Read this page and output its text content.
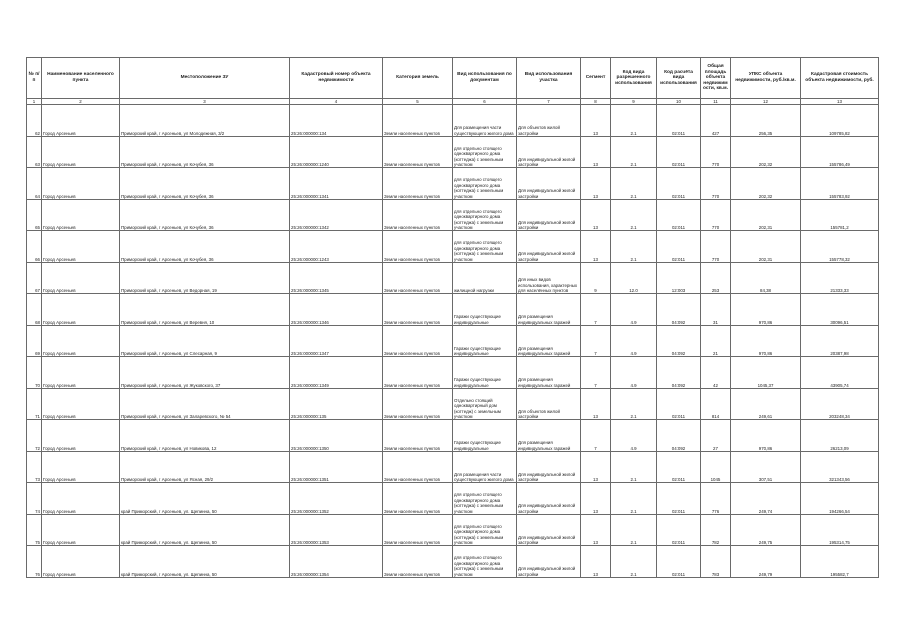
№ п/п	Наименование населенного пункта	Местоположение ЗУ	Кадастровый номер объекта недвижимости	Категория земель	Вид использования по документам	Вид использования участка	Сегмент	Код вида разрешенного использования	Код расчёта вида использования	Общая площадь объекта недвижим ости, кв.м.	УПКС объекта недвижимости, руб./кв.м.	Кадастровая стоимость объекта недвижимости, руб.
1	2	3	4	5	6	7	8	9	10	11	12	13
62	Город Арсеньев	Приморский край, г Арсеньев, ул Молодежная, 3/2	25:26:000000:134	Земли населенных пунктов	Для размещения части существующего жилого дома	Для объектов жилой застройки	13	2.1	02:011	427	256,35	109785,82
63	Город Арсеньев	Приморский край, г Арсеньев, ул Кочубея, 36	25:26:000000:1240	Земли населенных пунктов	для отдельно стоящего одноквартирного дома (коттеджа) с земельным участком	Для индивидуальной жилой застройки	13	2.1	02:011	770	202,32	155786,49
64	Город Арсеньев	Приморский край, г Арсеньев, ул Кочубея, 36	25:26:000000:1341	Земли населенных пунктов	для отдельно стоящего одноквартирного дома (коттеджа) с земельным участком	Для индивидуальной жилой застройки	13	2.1	02:011	770	202,32	155783,92
65	Город Арсеньев	Приморский край, г Арсеньев, ул Кочубея, 36	25:26:000000:1342	Земли населенных пунктов	для отдельно стоящего одноквартирного дома (коттеджа) с земельным участком	Для индивидуальной жилой застройки	13	2.1	02:011	770	202,31	155781,2
66	Город Арсеньев	Приморский край, г Арсеньев, ул Кочубея, 36	25:26:000000:1243	Земли населенных пунктов	для отдельно стоящего одноквартирного дома (коттеджа) с земельным участком	Для индивидуальной жилой застройки	13	2.1	02:011	770	202,31	155778,32
67	Город Арсеньев	Приморский край, г Арсеньев, ул Ведорная, 19	25:26:000000:1345	Земли населенных пунктов	жилищной нагрузки	Для иных видов использования, характерных для населённых пунктов	9	12.0	12:003	253	84,38	21333,33
68	Город Арсеньев	Приморский край, г Арсеньев, ул Веревня, 10	25:26:000000:1346	Земли населенных пунктов	Гаражи существующие индивидуальные	Для размещения индивидуальных гаражей	7	4.9	04:092	31	970,86	30096,51
69	Город Арсеньев	Приморский край, г Арсеньев, ул Слесарная, 9	25:26:000000:1347	Земли населенных пунктов	Гаражи существующие индивидуальные	Для размещения индивидуальных гаражей	7	4.9	04:092	21	970,86	20387,98
70	Город Арсеньев	Приморский край, г Арсеньев, ул Жуковского, 37	25:26:000000:1349	Земли населенных пунктов	Гаражи существующие индивидуальные	Для размещения индивидуальных гаражей	7	4.9	04:092	42	1045,37	43905,74
71	Город Арсеньев	Приморский край, г Арсеньев, ул Заларевского, № 54	25:26:000000:135	Земли населенных пунктов	Отдельно стоящий одноквартирный дом (коттедж) с земельным участком	Для объектов жилой застройки	13	2.1	02:011	814	249,61	203248,34
72	Город Арсеньев	Приморский край, г Арсеньев, ул Новикова, 12	25:26:000000:1350	Земли населенных пунктов	Гаражи существующие индивидуальные	Для размещения индивидуальных гаражей	7	4.9	04:092	27	970,86	26213,09
73	Город Арсеньев	Приморский край, г Арсеньев, ул Ясная, 29/2	25:26:000000:1351	Земли населенных пунктов	Для размещения части существующего жилого дома	Для индивидуальной жилой застройки	13	2.1	02:011	1045	307,51	321343,56
74	Город Арсеньев	край Приморский, г Арсеньев, ул. Щепинна, 50	25:26:000000:1352	Земли населенных пунктов	для отдельно стоящего одноквартирного дома (коттеджа) с земельным участком	Для индивидуальной жилой застройки	13	2.1	02:011	776	249,74	194266,54
75	Город Арсеньев	край Приморский, г Арсеньев, ул. Щепинна, 50	25:26:000000:1353	Земли населенных пунктов	для отдельно стоящего одноквартирного дома (коттеджа) с земельным участком	Для индивидуальной жилой застройки	13	2.1	02:011	782	249,75	195314,75
76	Город Арсеньев	край Приморский, г Арсеньев, ул. Щепинна, 50	25:26:000000:1354	Земли населенных пунктов	для отдельно стоящего одноквартирного дома (коттеджа) с земельным участком	Для индивидуальной жилой застройки	13	2.1	02:011	783	249,79	195582,7
